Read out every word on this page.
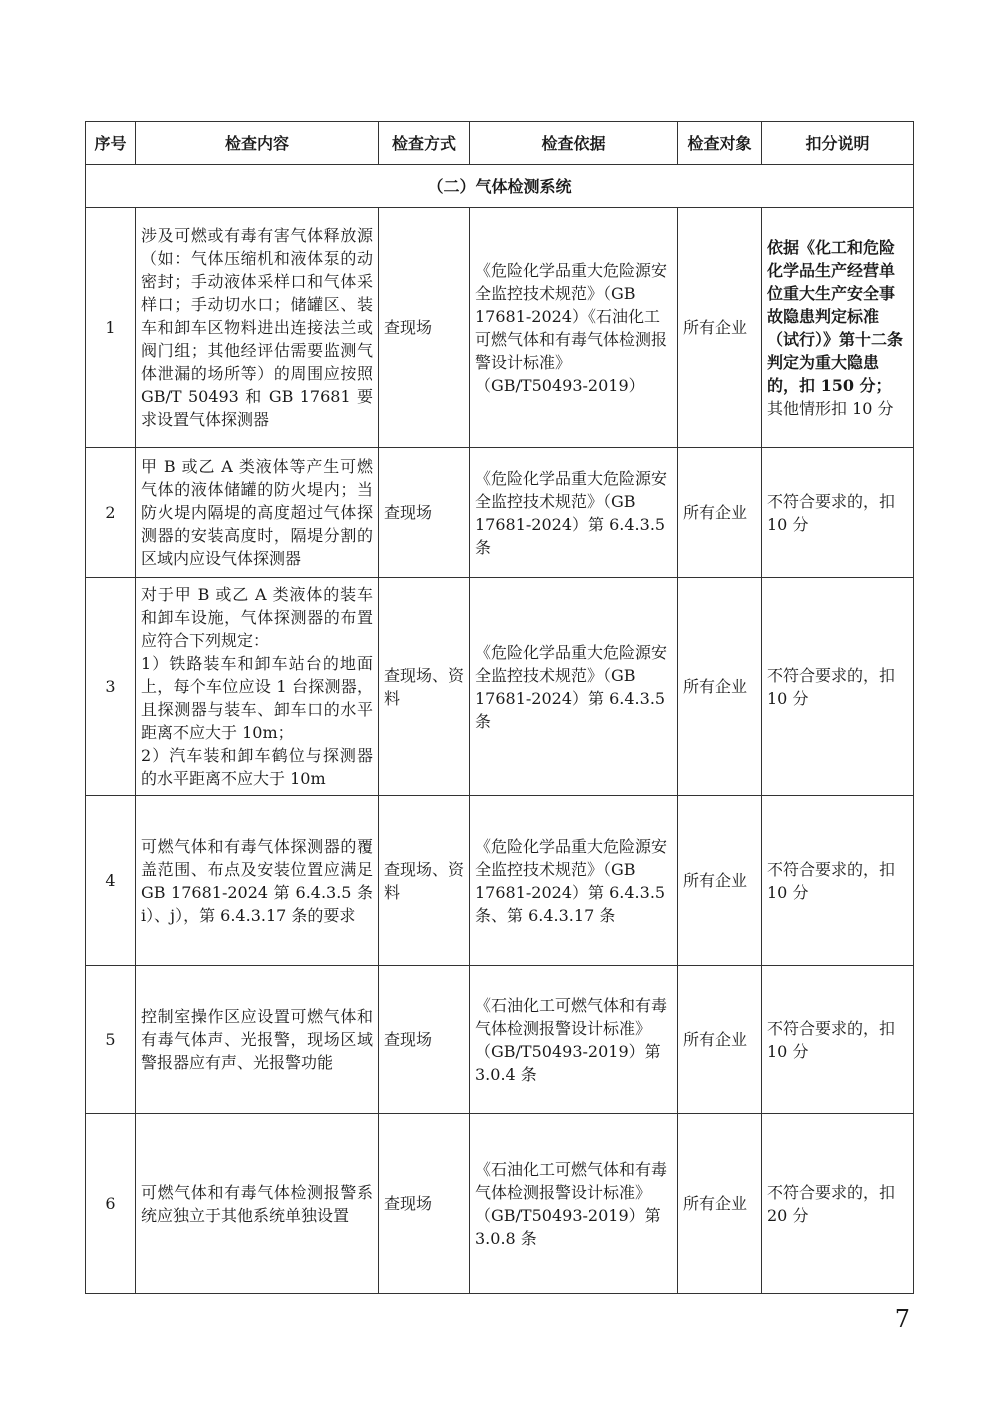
序号	检查内容	检查方式	检查依据	检查对象	扣分说明
（二）气体检测系统					
1	涉及可燃或有毒有害气体释放源（如：气体压缩机和液体泵的动密封；手动液体采样口和气体采样口；手动切水口；储罐区、装车和卸车区物料进出连接法兰或阀门组；其他经评估需要监测气体泄漏的场所等）的周围应按照 GB/T 50493 和 GB 17681 要求设置气体探测器	查现场	《危险化学品重大危险源安全监控技术规范》（GB 17681-2024）《石油化工可燃气体和有毒气体检测报警设计标准》（GB/T50493-2019）	所有企业	依据《化工和危险化学品生产经营单位重大生产安全事故隐患判定标准（试行）》第十二条判定为重大隐患的，扣 150 分；
其他情形扣 10 分
2	甲 B 或乙 A 类液体等产生可燃气体的液体储罐的防火堤内；当防火堤内隔堤的高度超过气体探测器的安装高度时，隔堤分割的区域内应设气体探测器	查现场	《危险化学品重大危险源安全监控技术规范》（GB 17681-2024）第 6.4.3.5 条	所有企业	不符合要求的，扣 10 分
3	对于甲 B 或乙 A 类液体的装车和卸车设施，气体探测器的布置应符合下列规定：
1）铁路装车和卸车站台的地面上，每个车位应设 1 台探测器，且探测器与装车、卸车口的水平距离不应大于 10m；
2）汽车装和卸车鹤位与探测器的水平距离不应大于 10m	查现场、资料	《危险化学品重大危险源安全监控技术规范》（GB 17681-2024）第 6.4.3.5 条	所有企业	不符合要求的，扣 10 分
4	可燃气体和有毒气体探测器的覆盖范围、布点及安装位置应满足 GB 17681-2024 第 6.4.3.5 条 i）、j），第 6.4.3.17 条的要求	查现场、资料	《危险化学品重大危险源安全监控技术规范》（GB 17681-2024）第 6.4.3.5 条、第 6.4.3.17 条	所有企业	不符合要求的，扣 10 分
5	控制室操作区应设置可燃气体和有毒气体声、光报警，现场区域警报器应有声、光报警功能	查现场	《石油化工可燃气体和有毒气体检测报警设计标准》（GB/T50493-2019）第 3.0.4 条	所有企业	不符合要求的，扣 10 分
6	可燃气体和有毒气体检测报警系统应独立于其他系统单独设置	查现场	《石油化工可燃气体和有毒气体检测报警设计标准》（GB/T50493-2019）第 3.0.8 条	所有企业	不符合要求的，扣 20 分
7
